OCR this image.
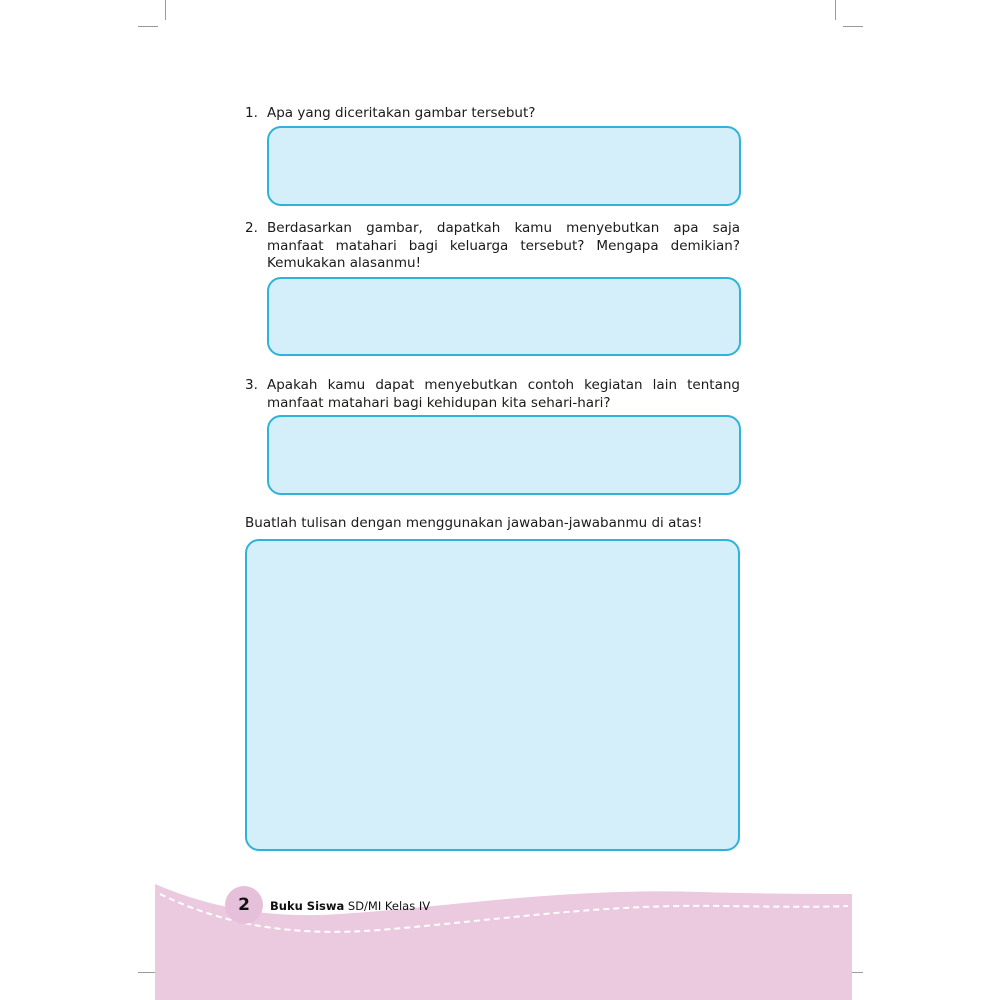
1. Apa yang diceritakan gambar tersebut?
2. Berdasarkan gambar, dapatkah kamu menyebutkan apa saja manfaat matahari bagi keluarga tersebut? Mengapa demikian? Kemukakan alasanmu!
3. Apakah kamu dapat menyebutkan contoh kegiatan lain tentang manfaat matahari bagi kehidupan kita sehari-hari?
Buatlah tulisan dengan menggunakan jawaban-jawabanmu di atas!
2 Buku Siswa SD/MI Kelas IV
